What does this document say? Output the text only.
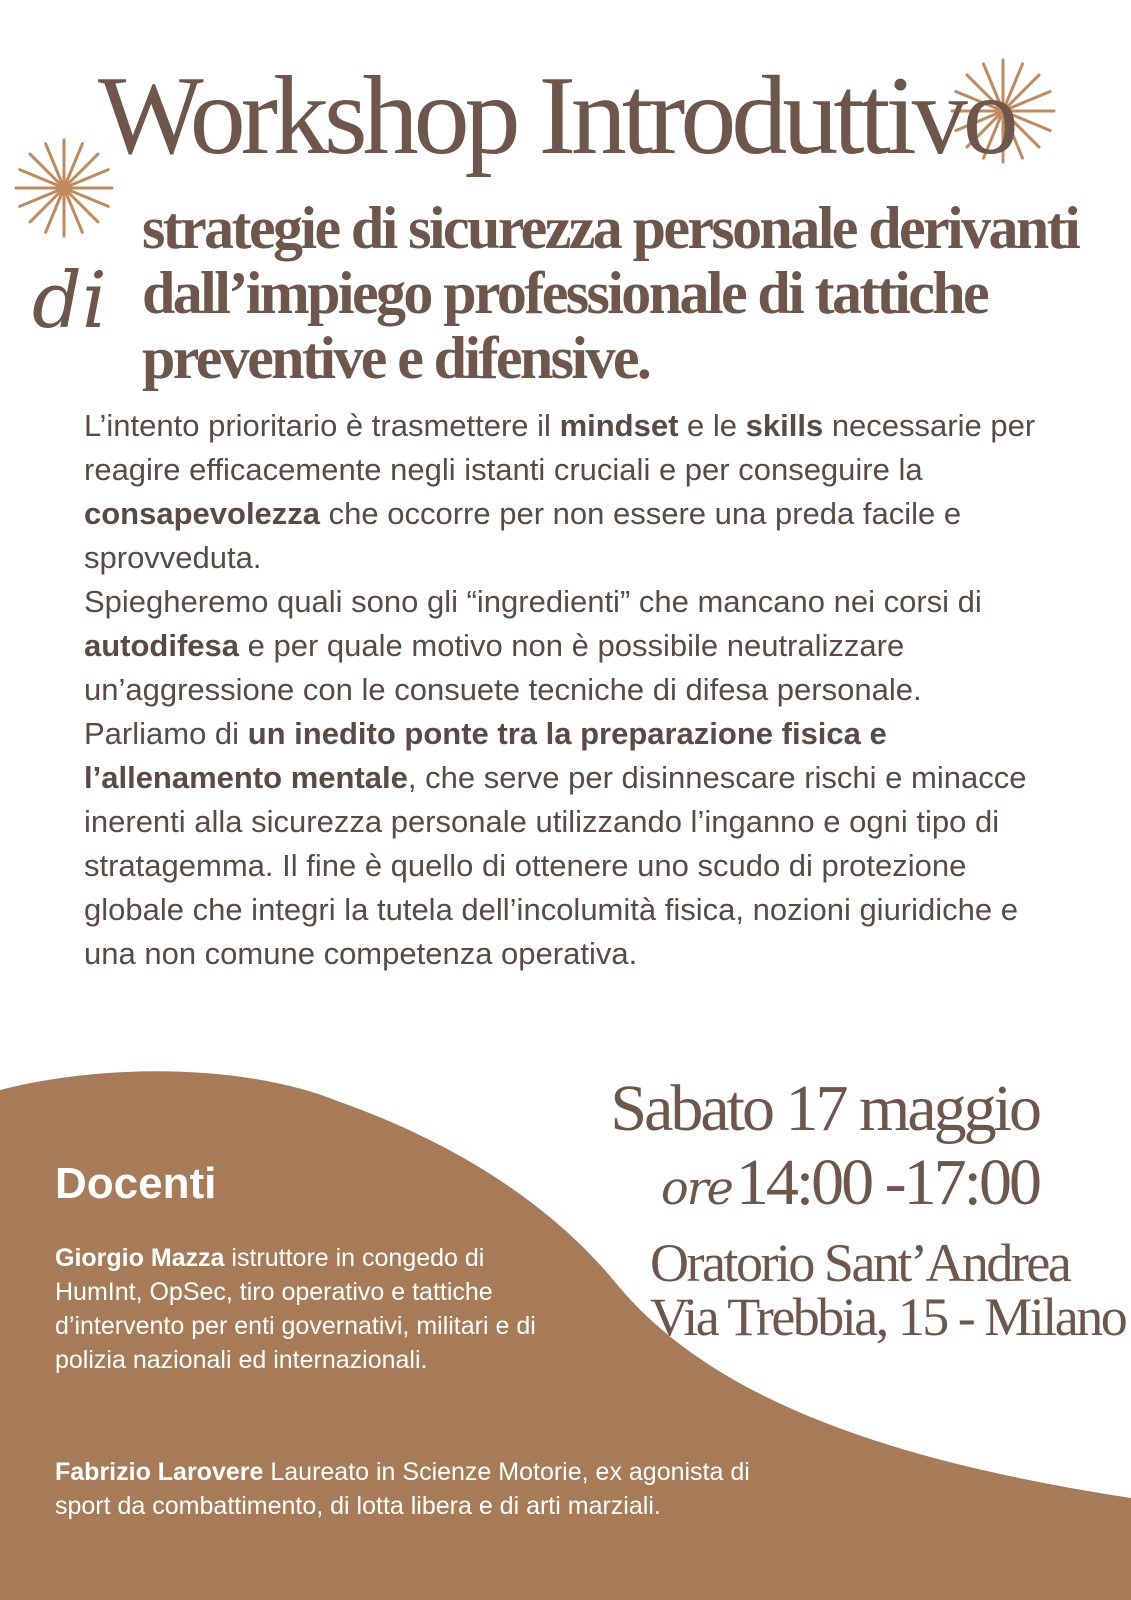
Workshop Introduttivo
di
strategie di sicurezza personale derivanti
dall’impiego professionale di tattiche
preventive e difensive.

L’intento prioritario è trasmettere il mindset e le skills necessarie per reagire efficacemente negli istanti cruciali e per conseguire la consapevolezza che occorre per non essere una preda facile e sprovveduta.

Spiegheremo quali sono gli “ingredienti” che mancano nei corsi di autodifesa e per quale motivo non è possibile neutralizzare un’aggressione con le consuete tecniche di difesa personale.

Parliamo di un inedito ponte tra la preparazione fisica e l’allenamento mentale, che serve per disinnescare rischi e minacce inerenti alla sicurezza personale utilizzando l’inganno e ogni tipo di stratagemma. Il fine è quello di ottenere uno scudo di protezione globale che integri la tutela dell’incolumità fisica, nozioni giuridiche e una non comune competenza operativa.

Docenti

Giorgio Mazza istruttore in congedo di HumInt, OpSec, tiro operativo e tattiche d’intervento per enti governativi, militari e di polizia nazionali ed internazionali.

Fabrizio Larovere Laureato in Scienze Motorie, ex agonista di sport da combattimento, di lotta libera e di arti marziali.

Sabato 17 maggio
ore14:00 -17:00
Oratorio Sant’Andrea
Via Trebbia, 15 - Milano
